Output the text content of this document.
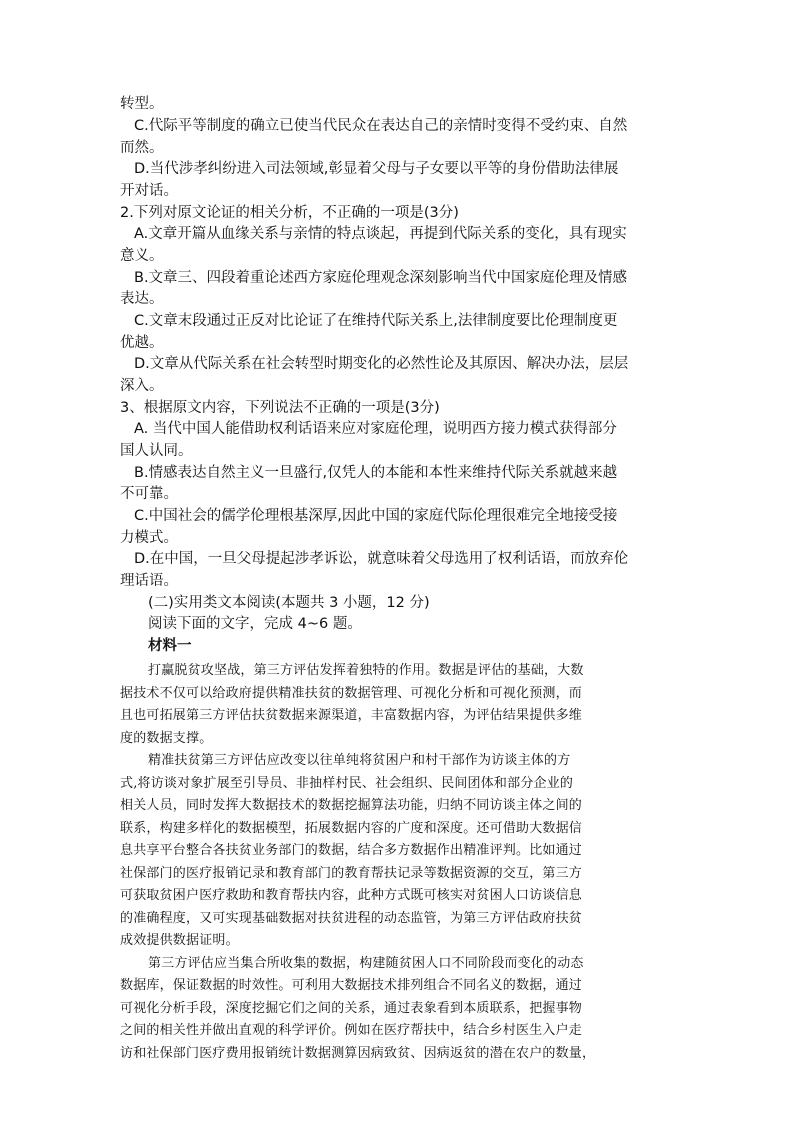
转型。
C.代际平等制度的确立已使当代民众在表达自己的亲情时变得不受约束、自然
而然。
D.当代涉孝纠纷进入司法领域,彰显着父母与子女要以平等的身份借助法律展
开对话。
2.下列对原文论证的相关分析，不正确的一项是(3分)
A.文章开篇从血缘关系与亲情的特点谈起，再提到代际关系的变化，具有现实
意义。
B.文章三、四段着重论述西方家庭伦理观念深刻影响当代中国家庭伦理及情感
表达。
C.文章末段通过正反对比论证了在维持代际关系上,法律制度要比伦理制度更
优越。
D.文章从代际关系在社会转型时期变化的必然性论及其原因、解决办法，层层
深入。
3、根据原文内容，下列说法不正确的一项是(3分)
A. 当代中国人能借助权利话语来应对家庭伦理，说明西方接力模式获得部分
国人认同。
B.情感表达自然主义一旦盛行,仅凭人的本能和本性来维持代际关系就越来越
不可靠。
C.中国社会的儒学伦理根基深厚,因此中国的家庭代际伦理很难完全地接受接
力模式。
D.在中国，一旦父母提起涉孝诉讼，就意味着父母选用了权利话语，而放弃伦
理话语。
(二)实用类文本阅读(本题共 3 小题，12 分)
阅读下面的文字，完成 4~6 题。
材料一
打赢脱贫攻坚战，第三方评估发挥着独特的作用。数据是评估的基础，大数
据技术不仅可以给政府提供精准扶贫的数据管理、可视化分析和可视化预测，而
且也可拓展第三方评估扶贫数据来源渠道，丰富数据内容，为评估结果提供多维
度的数据支撑。
精准扶贫第三方评估应改变以往单纯将贫困户和村干部作为访谈主体的方
式,将访谈对象扩展至引导员、非抽样村民、社会组织、民间团体和部分企业的
相关人员，同时发挥大数据技术的数据挖掘算法功能，归纳不同访谈主体之间的
联系，构建多样化的数据模型，拓展数据内容的广度和深度。还可借助大数据信
息共享平台整合各扶贫业务部门的数据，结合多方数据作出精准评判。比如通过
社保部门的医疗报销记录和教育部门的教育帮扶记录等数据资源的交互，第三方
可获取贫困户医疗救助和教育帮扶内容，此种方式既可核实对贫困人口访谈信息
的准确程度，又可实现基础数据对扶贫进程的动态监管，为第三方评估政府扶贫
成效提供数据证明。
第三方评估应当集合所收集的数据，构建随贫困人口不同阶段而变化的动态
数据库，保证数据的时效性。可利用大数据技术排列组合不同名义的数据，通过
可视化分析手段，深度挖掘它们之间的关系，通过表象看到本质联系，把握事物
之间的相关性并做出直观的科学评价。例如在医疗帮扶中，结合乡村医生入户走
访和社保部门医疗费用报销统计数据测算因病致贫、因病返贫的潜在农户的数量，
